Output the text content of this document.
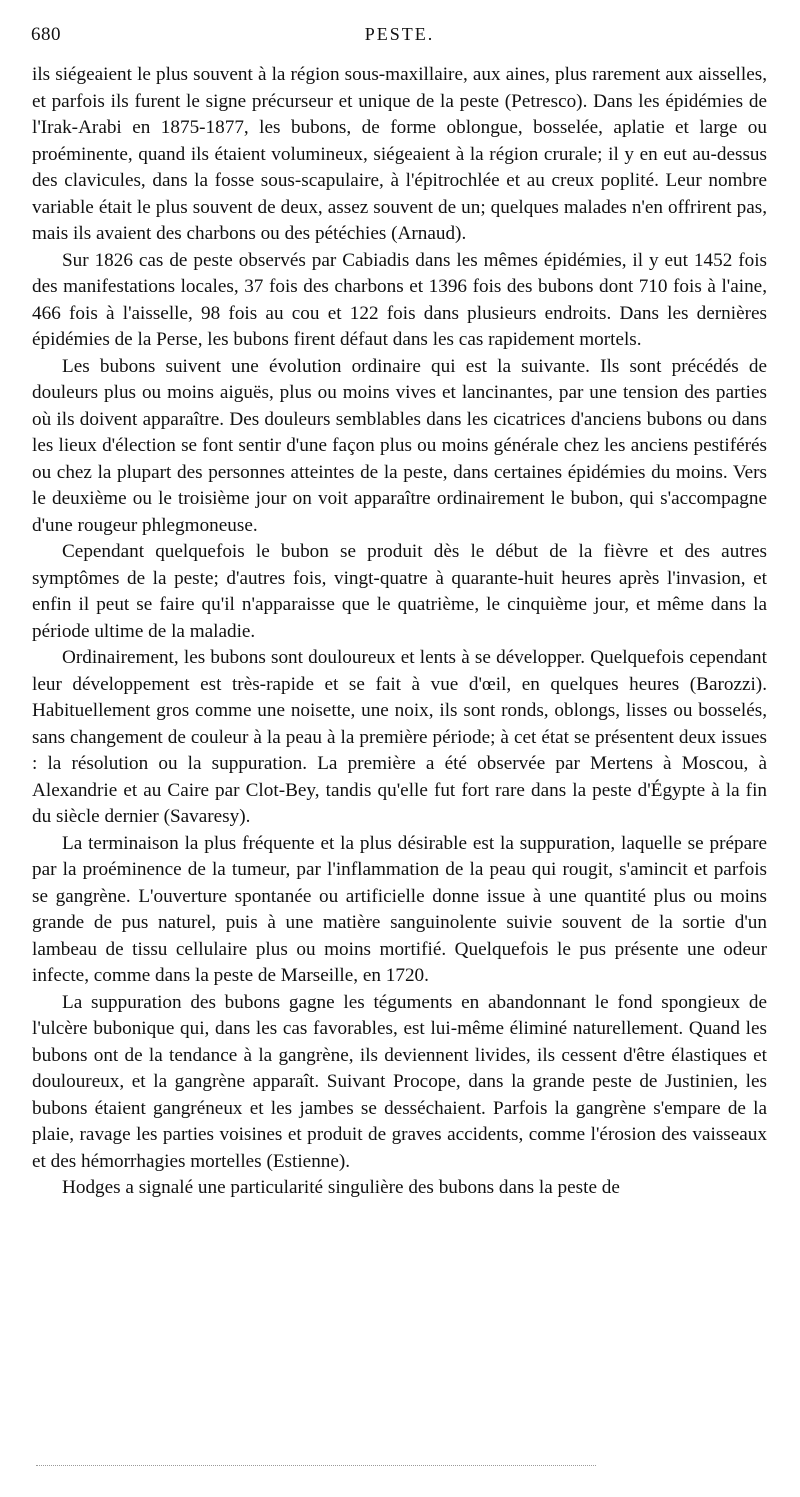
680	PESTE.

ils siégeaient le plus souvent à la région sous-maxillaire, aux aines, plus rarement aux aisselles, et parfois ils furent le signe précurseur et unique de la peste (Petresco). Dans les épidémies de l'Irak-Arabi en 1875-1877, les bubons, de forme oblongue, bosselée, aplatie et large ou proéminente, quand ils étaient volumineux, siégeaient à la région crurale; il y en eut au-dessus des clavicules, dans la fosse sous-scapulaire, à l'épitrochlée et au creux poplité. Leur nombre variable était le plus souvent de deux, assez souvent de un; quelques malades n'en offrirent pas, mais ils avaient des charbons ou des pétéchies (Arnaud).

Sur 1826 cas de peste observés par Cabiadis dans les mêmes épidémies, il y eut 1452 fois des manifestations locales, 37 fois des charbons et 1396 fois des bubons dont 710 fois à l'aine, 466 fois à l'aisselle, 98 fois au cou et 122 fois dans plusieurs endroits. Dans les dernières épidémies de la Perse, les bubons firent défaut dans les cas rapidement mortels.

Les bubons suivent une évolution ordinaire qui est la suivante. Ils sont précédés de douleurs plus ou moins aiguës, plus ou moins vives et lancinantes, par une tension des parties où ils doivent apparaître. Des douleurs semblables dans les cicatrices d'anciens bubons ou dans les lieux d'élection se font sentir d'une façon plus ou moins générale chez les anciens pestiférés ou chez la plupart des personnes atteintes de la peste, dans certaines épidémies du moins. Vers le deuxième ou le troisième jour on voit apparaître ordinairement le bubon, qui s'accompagne d'une rougeur phlegmoneuse.

Cependant quelquefois le bubon se produit dès le début de la fièvre et des autres symptômes de la peste; d'autres fois, vingt-quatre à quarante-huit heures après l'invasion, et enfin il peut se faire qu'il n'apparaisse que le quatrième, le cinquième jour, et même dans la période ultime de la maladie.

Ordinairement, les bubons sont douloureux et lents à se développer. Quelquefois cependant leur développement est très-rapide et se fait à vue d'œil, en quelques heures (Barozzi). Habituellement gros comme une noisette, une noix, ils sont ronds, oblongs, lisses ou bosselés, sans changement de couleur à la peau à la première période; à cet état se présentent deux issues : la résolution ou la suppuration. La première a été observée par Mertens à Moscou, à Alexandrie et au Caire par Clot-Bey, tandis qu'elle fut fort rare dans la peste d'Égypte à la fin du siècle dernier (Savaresy).

La terminaison la plus fréquente et la plus désirable est la suppuration, laquelle se prépare par la proéminence de la tumeur, par l'inflammation de la peau qui rougit, s'amincit et parfois se gangrène. L'ouverture spontanée ou artificielle donne issue à une quantité plus ou moins grande de pus naturel, puis à une matière sanguinolente suivie souvent de la sortie d'un lambeau de tissu cellulaire plus ou moins mortifié. Quelquefois le pus présente une odeur infecte, comme dans la peste de Marseille, en 1720.

La suppuration des bubons gagne les téguments en abandonnant le fond spongieux de l'ulcère bubonique qui, dans les cas favorables, est lui-même éliminé naturellement. Quand les bubons ont de la tendance à la gangrène, ils deviennent livides, ils cessent d'être élastiques et douloureux, et la gangrène apparaît. Suivant Procope, dans la grande peste de Justinien, les bubons étaient gangréneux et les jambes se desséchaient. Parfois la gangrène s'empare de la plaie, ravage les parties voisines et produit de graves accidents, comme l'érosion des vaisseaux et des hémorrhagies mortelles (Estienne).

Hodges a signalé une particularité singulière des bubons dans la peste de
